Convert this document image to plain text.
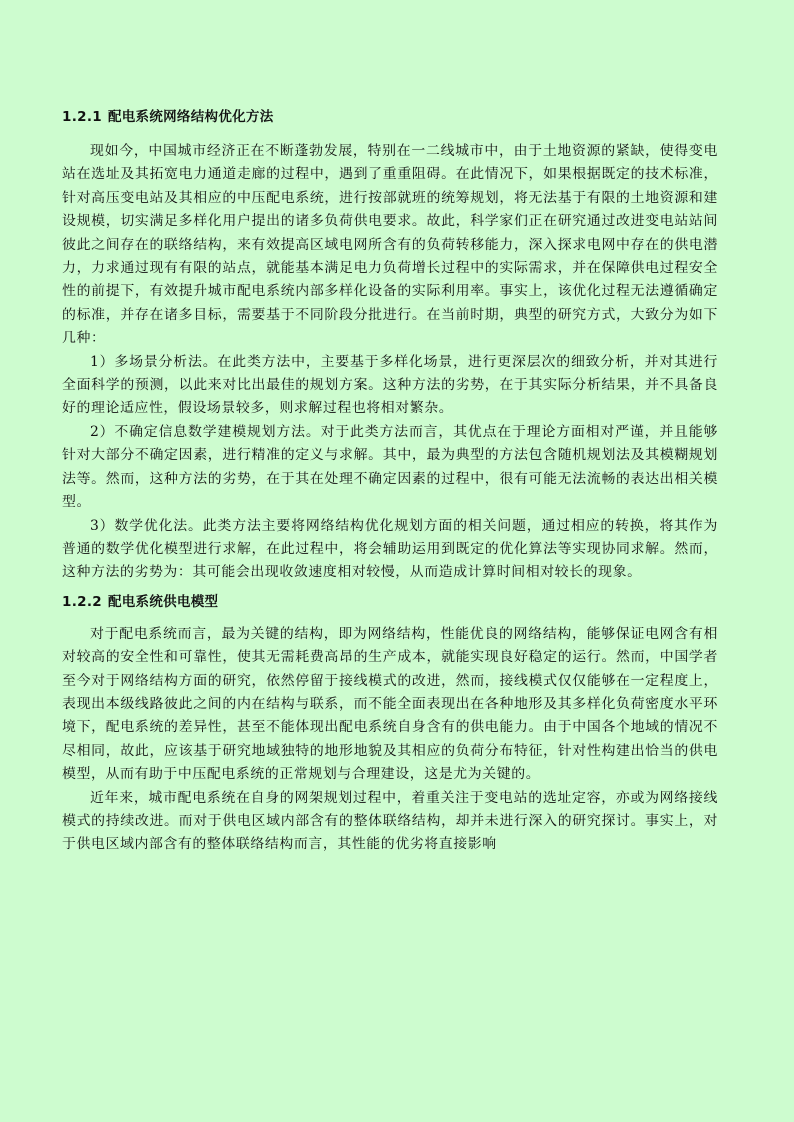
1.2.1 配电系统网络结构优化方法

现如今，中国城市经济正在不断蓬勃发展，特别在一二线城市中，由于土地资源的紧缺，使得变电站在选址及其拓宽电力通道走廊的过程中，遇到了重重阻碍。在此情况下，如果根据既定的技术标准，针对高压变电站及其相应的中压配电系统，进行按部就班的统筹规划，将无法基于有限的土地资源和建设规模，切实满足多样化用户提出的诸多负荷供电要求。故此，科学家们正在研究通过改进变电站站间彼此之间存在的联络结构，来有效提高区域电网所含有的负荷转移能力，深入探求电网中存在的供电潜力，力求通过现有有限的站点，就能基本满足电力负荷增长过程中的实际需求，并在保障供电过程安全性的前提下，有效提升城市配电系统内部多样化设备的实际利用率。事实上，该优化过程无法遵循确定的标准，并存在诸多目标，需要基于不同阶段分批进行。在当前时期，典型的研究方式，大致分为如下几种：

1）多场景分析法。在此类方法中，主要基于多样化场景，进行更深层次的细致分析，并对其进行全面科学的预测，以此来对比出最佳的规划方案。这种方法的劣势，在于其实际分析结果，并不具备良好的理论适应性，假设场景较多，则求解过程也将相对繁杂。

2）不确定信息数学建模规划方法。对于此类方法而言，其优点在于理论方面相对严谨，并且能够针对大部分不确定因素，进行精准的定义与求解。其中，最为典型的方法包含随机规划法及其模糊规划法等。然而，这种方法的劣势，在于其在处理不确定因素的过程中，很有可能无法流畅的表达出相关模型。

3）数学优化法。此类方法主要将网络结构优化规划方面的相关问题，通过相应的转换，将其作为普通的数学优化模型进行求解，在此过程中，将会辅助运用到既定的优化算法等实现协同求解。然而，这种方法的劣势为：其可能会出现收敛速度相对较慢，从而造成计算时间相对较长的现象。

1.2.2 配电系统供电模型

对于配电系统而言，最为关键的结构，即为网络结构，性能优良的网络结构，能够保证电网含有相对较高的安全性和可靠性，使其无需耗费高昂的生产成本，就能实现良好稳定的运行。然而，中国学者至今对于网络结构方面的研究，依然停留于接线模式的改进，然而，接线模式仅仅能够在一定程度上，表现出本级线路彼此之间的内在结构与联系，而不能全面表现出在各种地形及其多样化负荷密度水平环境下，配电系统的差异性，甚至不能体现出配电系统自身含有的供电能力。由于中国各个地域的情况不尽相同，故此，应该基于研究地域独特的地形地貌及其相应的负荷分布特征，针对性构建出恰当的供电模型，从而有助于中压配电系统的正常规划与合理建设，这是尤为关键的。

近年来，城市配电系统在自身的网架规划过程中，着重关注于变电站的选址定容，亦或为网络接线模式的持续改进。而对于供电区域内部含有的整体联络结构，却并未进行深入的研究探讨。事实上，对于供电区域内部含有的整体联络结构而言，其性能的优劣将直接影响
